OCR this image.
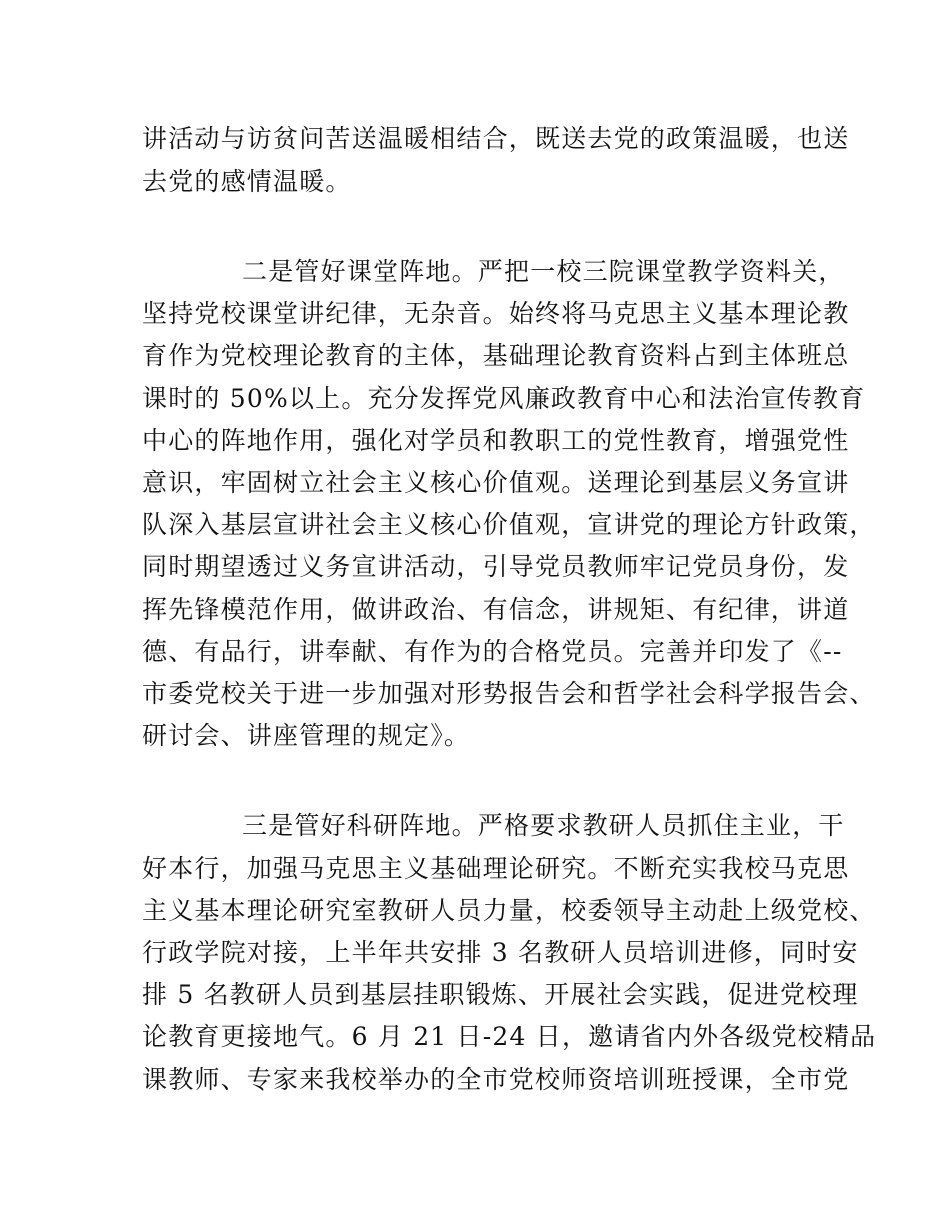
讲活动与访贫问苦送温暖相结合，既送去党的政策温暖，也送
去党的感情温暖。
二是管好课堂阵地。严把一校三院课堂教学资料关，
坚持党校课堂讲纪律，无杂音。始终将马克思主义基本理论教
育作为党校理论教育的主体，基础理论教育资料占到主体班总
课时的 50%以上。充分发挥党风廉政教育中心和法治宣传教育
中心的阵地作用，强化对学员和教职工的党性教育，增强党性
意识，牢固树立社会主义核心价值观。送理论到基层义务宣讲
队深入基层宣讲社会主义核心价值观，宣讲党的理论方针政策，
同时期望透过义务宣讲活动，引导党员教师牢记党员身份，发
挥先锋模范作用，做讲政治、有信念，讲规矩、有纪律，讲道
德、有品行，讲奉献、有作为的合格党员。完善并印发了《--
市委党校关于进一步加强对形势报告会和哲学社会科学报告会、
研讨会、讲座管理的规定》。
三是管好科研阵地。严格要求教研人员抓住主业，干
好本行，加强马克思主义基础理论研究。不断充实我校马克思
主义基本理论研究室教研人员力量，校委领导主动赴上级党校、
行政学院对接，上半年共安排 3 名教研人员培训进修，同时安
排 5 名教研人员到基层挂职锻炼、开展社会实践，促进党校理
论教育更接地气。6 月 21 日-24 日，邀请省内外各级党校精品
课教师、专家来我校举办的全市党校师资培训班授课，全市党
